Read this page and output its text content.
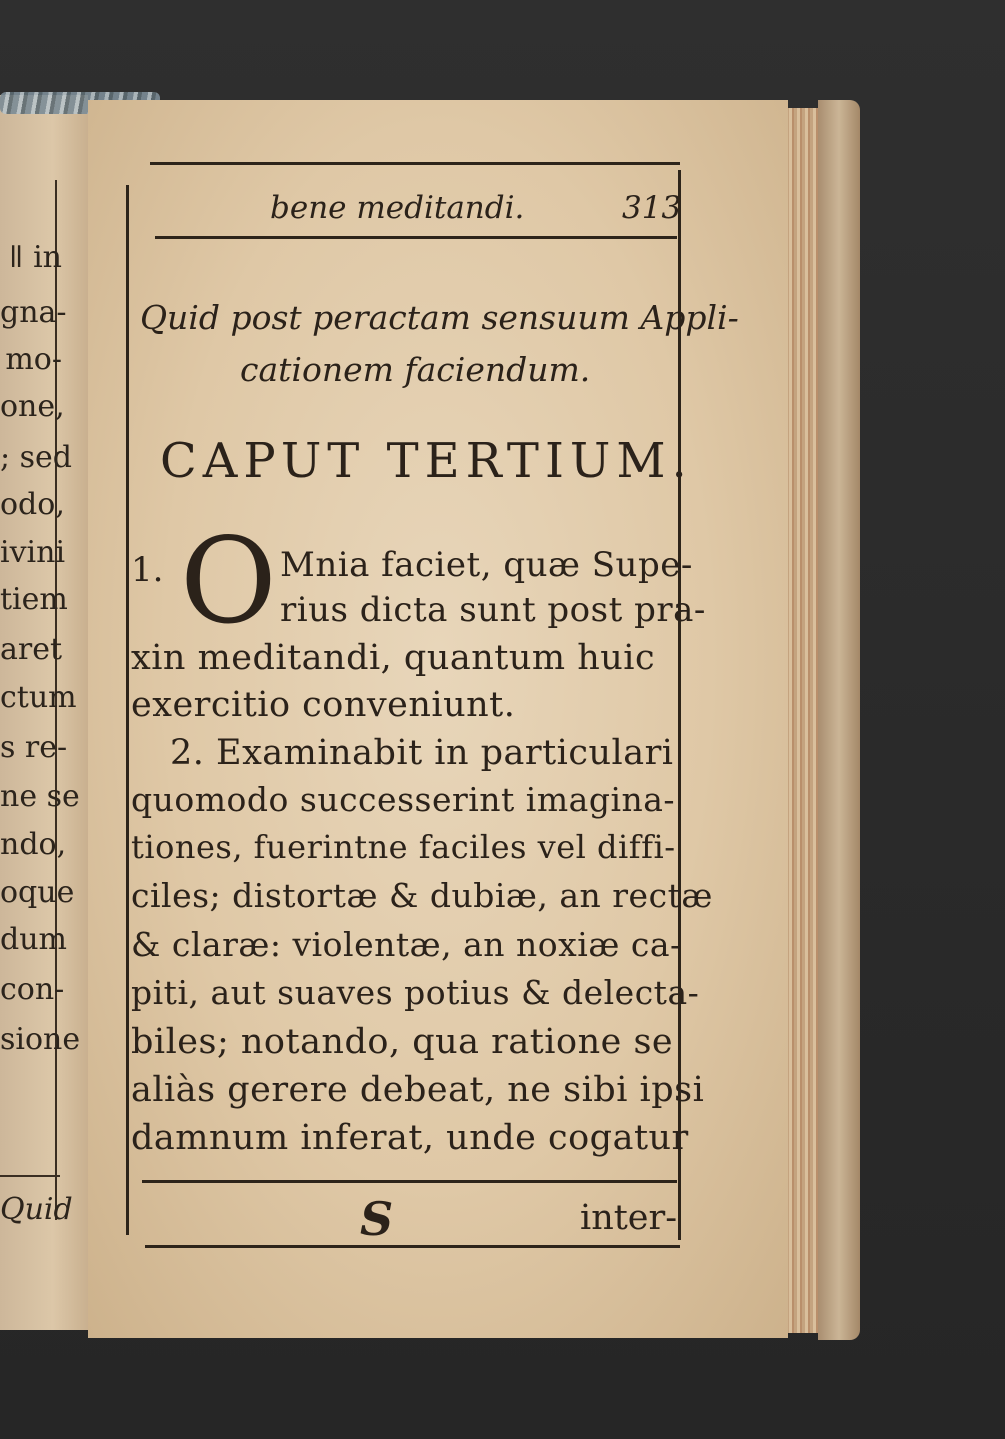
ǁ in
gna-
mo-
one,
; sed
odo,
ivini
tiem
aret
ctum
s re-
ne se
ndo,
oque
dum
con-
sione
Quid
bene meditandi.	313
Quid post peractam sensuum Appli-
cationem faciendum.
CAPUT TERTIUM.
1. O Mnia faciet, quæ Supe-
rius dicta sunt post pra-
xin meditandi, quantum huic
exercitio conveniunt.
2. Examinabit in particulari
quomodo successerint imagina-
tiones, fuerintne faciles vel diffi-
ciles; distortæ & dubiæ, an rectæ
& claræ: violentæ, an noxiæ ca-
piti, aut suaves potius & delecta-
biles; notando, qua ratione se
aliàs gerere debeat, ne sibi ipsi
damnum inferat, unde cogatur
S	inter-
